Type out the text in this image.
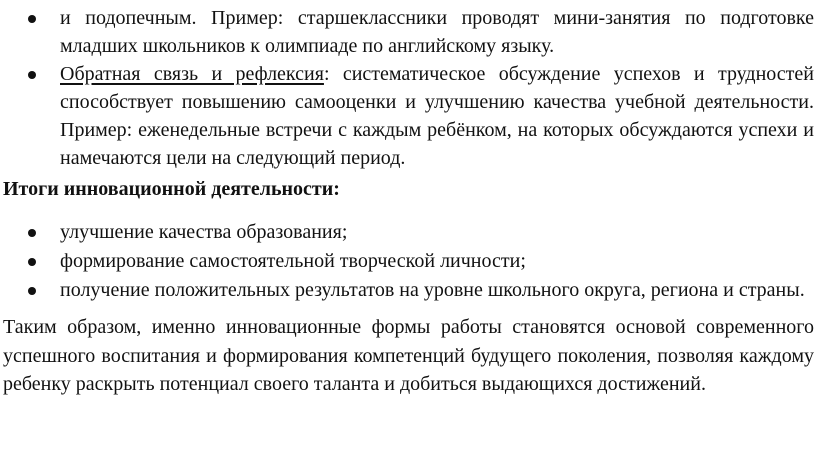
и подопечным. Пример: старшеклассники проводят мини-занятия по подготовке младших школьников к олимпиаде по английскому языку.

Обратная связь и рефлексия: систематическое обсуждение успехов и трудностей способствует повышению самооценки и улучшению качества учебной деятельности. Пример: еженедельные встречи с каждым ребёнком, на которых обсуждаются успехи и намечаются цели на следующий период.

Итоги инновационной деятельности:

улучшение качества образования;

формирование самостоятельной творческой личности;

получение положительных результатов на уровне школьного округа, региона и страны.

Таким образом, именно инновационные формы работы становятся основой современного успешного воспитания и формирования компетенций будущего поколения, позволяя каждому ребенку раскрыть потенциал своего таланта и добиться выдающихся достижений.
